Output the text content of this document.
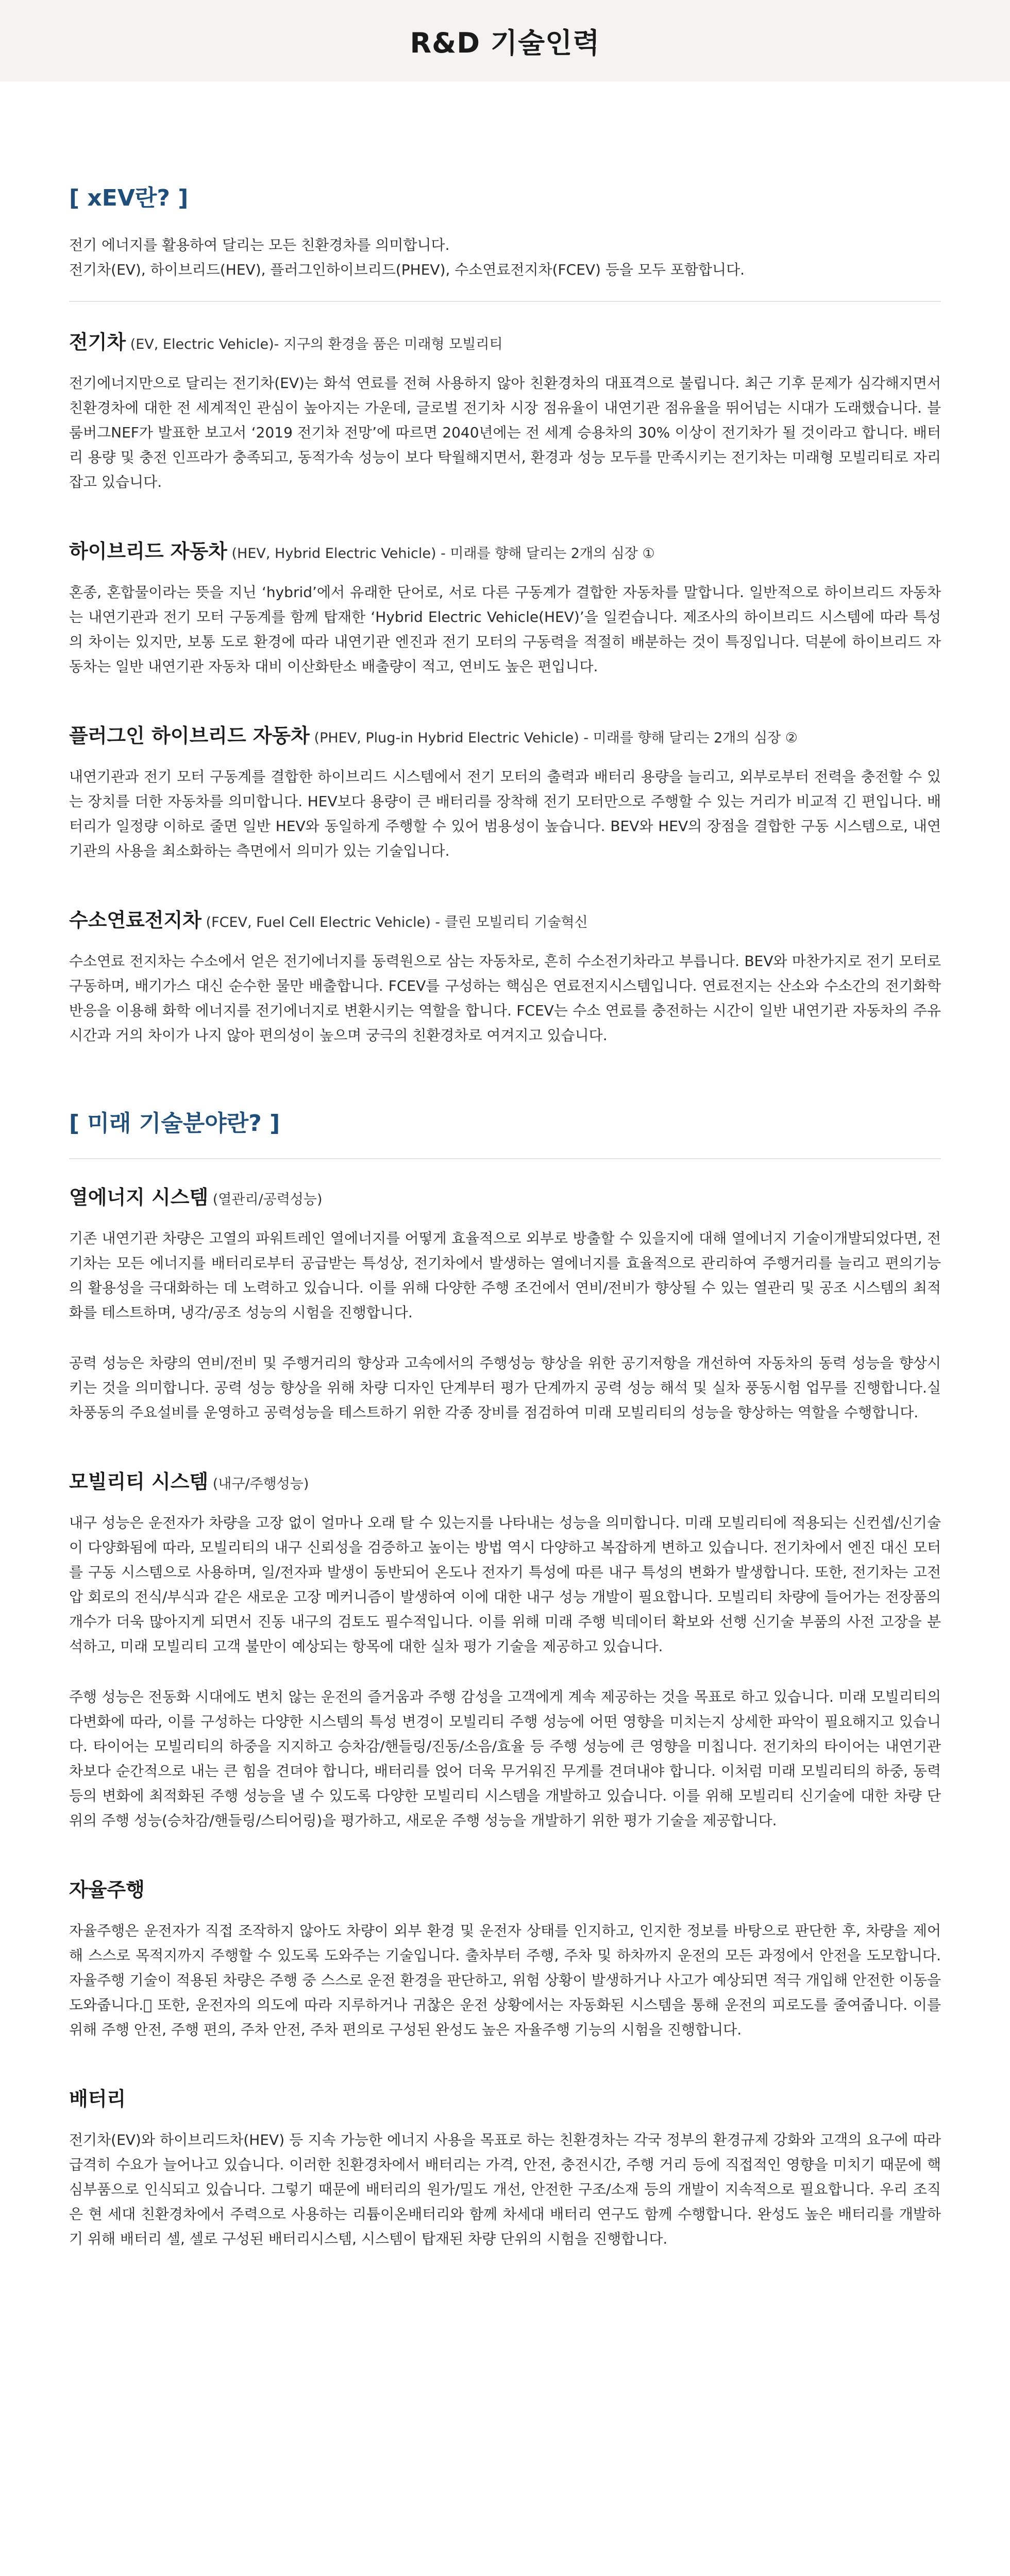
R&D 기술인력
[ xEV란? ]

전기 에너지를 활용하여 달리는 모든 친환경차를 의미합니다.

전기차(EV), 하이브리드(HEV), 플러그인하이브리드(PHEV), 수소연료전지차(FCEV) 등을 모두 포함합니다.

전기차 (EV, Electric Vehicle)- 지구의 환경을 품은 미래형 모빌리티

전기에너지만으로 달리는 전기차(EV)는 화석 연료를 전혀 사용하지 않아 친환경차의 대표격으로 불립니다. 최근 기후 문제가 심각해지면서 친환경차에 대한 전 세계적인 관심이 높아지는 가운데, 글로벌 전기차 시장 점유율이 내연기관 점유율을 뛰어넘는 시대가 도래했습니다. 블룸버그NEF가 발표한 보고서 ‘2019 전기차 전망’에 따르면 2040년에는 전 세계 승용차의 30% 이상이 전기차가 될 것이라고 합니다. 배터리 용량 및 충전 인프라가 충족되고, 동적가속 성능이 보다 탁월해지면서, 환경과 성능 모두를 만족시키는 전기차는 미래형 모빌리티로 자리잡고 있습니다.

하이브리드 자동차 (HEV, Hybrid Electric Vehicle) - 미래를 향해 달리는 2개의 심장 ①

혼종, 혼합물이라는 뜻을 지닌 ‘hybrid’에서 유래한 단어로, 서로 다른 구동계가 결합한 자동차를 말합니다. 일반적으로 하이브리드 자동차는 내연기관과 전기 모터 구동계를 함께 탑재한 ‘Hybrid Electric Vehicle(HEV)’을 일컫습니다. 제조사의 하이브리드 시스템에 따라 특성의 차이는 있지만, 보통 도로 환경에 따라 내연기관 엔진과 전기 모터의 구동력을 적절히 배분하는 것이 특징입니다. 덕분에 하이브리드 자동차는 일반 내연기관 자동차 대비 이산화탄소 배출량이 적고, 연비도 높은 편입니다.

플러그인 하이브리드 자동차 (PHEV, Plug-in Hybrid Electric Vehicle) - 미래를 향해 달리는 2개의 심장 ②

내연기관과 전기 모터 구동계를 결합한 하이브리드 시스템에서 전기 모터의 출력과 배터리 용량을 늘리고, 외부로부터 전력을 충전할 수 있는 장치를 더한 자동차를 의미합니다. HEV보다 용량이 큰 배터리를 장착해 전기 모터만으로 주행할 수 있는 거리가 비교적 긴 편입니다. 배터리가 일정량 이하로 줄면 일반 HEV와 동일하게 주행할 수 있어 범용성이 높습니다. BEV와 HEV의 장점을 결합한 구동 시스템으로, 내연기관의 사용을 최소화하는 측면에서 의미가 있는 기술입니다.

수소연료전지차 (FCEV, Fuel Cell Electric Vehicle) - 클린 모빌리티 기술혁신

수소연료 전지차는 수소에서 얻은 전기에너지를 동력원으로 삼는 자동차로, 흔히 수소전기차라고 부릅니다. BEV와 마찬가지로 전기 모터로 구동하며, 배기가스 대신 순수한 물만 배출합니다. FCEV를 구성하는 핵심은 연료전지시스템입니다. 연료전지는 산소와 수소간의 전기화학 반응을 이용해 화학 에너지를 전기에너지로 변환시키는 역할을 합니다. FCEV는 수소 연료를 충전하는 시간이 일반 내연기관 자동차의 주유 시간과 거의 차이가 나지 않아 편의성이 높으며 궁극의 친환경차로 여겨지고 있습니다.

[ 미래 기술분야란? ]
열에너지 시스템 (열관리/공력성능)

기존 내연기관 차량은 고열의 파워트레인 열에너지를 어떻게 효율적으로 외부로 방출할 수 있을지에 대해 열에너지 기술이개발되었다면, 전기차는 모든 에너지를 배터리로부터 공급받는 특성상, 전기차에서 발생하는 열에너지를 효율적으로 관리하여 주행거리를 늘리고 편의기능의 활용성을 극대화하는 데 노력하고 있습니다. 이를 위해 다양한 주행 조건에서 연비/전비가 향상될 수 있는 열관리 및 공조 시스템의 최적화를 테스트하며, 냉각/공조 성능의 시험을 진행합니다.

공력 성능은 차량의 연비/전비 및 주행거리의 향상과 고속에서의 주행성능 향상을 위한 공기저항을 개선하여 자동차의 동력 성능을 향상시키는 것을 의미합니다. 공력 성능 향상을 위해 차량 디자인 단계부터 평가 단계까지 공력 성능 해석 및 실차 풍동시험 업무를 진행합니다.실차풍동의 주요설비를 운영하고 공력성능을 테스트하기 위한 각종 장비를 점검하여 미래 모빌리티의 성능을 향상하는 역할을 수행합니다.

모빌리티 시스템 (내구/주행성능)

내구 성능은 운전자가 차량을 고장 없이 얼마나 오래 탈 수 있는지를 나타내는 성능을 의미합니다. 미래 모빌리티에 적용되는 신컨셉/신기술이 다양화됨에 따라, 모빌리티의 내구 신뢰성을 검증하고 높이는 방법 역시 다양하고 복잡하게 변하고 있습니다. 전기차에서 엔진 대신 모터를 구동 시스템으로 사용하며, 일/전자파 발생이 동반되어 온도나 전자기 특성에 따른 내구 특성의 변화가 발생합니다. 또한, 전기차는 고전압 회로의 전식/부식과 같은 새로운 고장 메커니즘이 발생하여 이에 대한 내구 성능 개발이 필요합니다. 모빌리티 차량에 들어가는 전장품의 개수가 더욱 많아지게 되면서 진동 내구의 검토도 필수적입니다. 이를 위해 미래 주행 빅데이터 확보와 선행 신기술 부품의 사전 고장을 분석하고, 미래 모빌리티 고객 불만이 예상되는 항목에 대한 실차 평가 기술을 제공하고 있습니다.

주행 성능은 전동화 시대에도 변치 않는 운전의 즐거움과 주행 감성을 고객에게 계속 제공하는 것을 목표로 하고 있습니다. 미래 모빌리티의 다변화에 따라, 이를 구성하는 다양한 시스템의 특성 변경이 모빌리티 주행 성능에 어떤 영향을 미치는지 상세한 파악이 필요해지고 있습니다. 타이어는 모빌리티의 하중을 지지하고 승차감/핸들링/진동/소음/효율 등 주행 성능에 큰 영향을 미칩니다. 전기차의 타이어는 내연기관차보다 순간적으로 내는 큰 힘을 견뎌야 합니다, 배터리를 얹어 더욱 무거워진 무게를 견뎌내야 합니다. 이처럼 미래 모빌리티의 하중, 동력 등의 변화에 최적화된 주행 성능을 낼 수 있도록 다양한 모빌리티 시스템을 개발하고 있습니다. 이를 위해 모빌리티 신기술에 대한 차량 단위의 주행 성능(승차감/핸들링/스티어링)을 평가하고, 새로운 주행 성능을 개발하기 위한 평가 기술을 제공합니다.

자율주행

자율주행은 운전자가 직접 조작하지 않아도 차량이 외부 환경 및 운전자 상태를 인지하고, 인지한 정보를 바탕으로 판단한 후, 차량을 제어해 스스로 목적지까지 주행할 수 있도록 도와주는 기술입니다. 출차부터 주행, 주차 및 하차까지 운전의 모든 과정에서 안전을 도모합니다. 자율주행 기술이 적용된 차량은 주행 중 스스로 운전 환경을 판단하고, 위험 상황이 발생하거나 사고가 예상되면 적극 개입해 안전한 이동을 도와줍니다.  또한, 운전자의 의도에 따라 지루하거나 귀찮은 운전 상황에서는 자동화된 시스템을 통해 운전의 피로도를 줄여줍니다. 이를 위해 주행 안전, 주행 편의, 주차 안전, 주차 편의로 구성된 완성도 높은 자율주행 기능의 시험을 진행합니다.

배터리

전기차(EV)와 하이브리드차(HEV) 등 지속 가능한 에너지 사용을 목표로 하는 친환경차는 각국 정부의 환경규제 강화와 고객의 요구에 따라 급격히 수요가 늘어나고 있습니다. 이러한 친환경차에서 배터리는 가격, 안전, 충전시간, 주행 거리 등에 직접적인 영향을 미치기 때문에 핵심부품으로 인식되고 있습니다. 그렇기 때문에 배터리의 원가/밀도 개선, 안전한 구조/소재 등의 개발이 지속적으로 필요합니다. 우리 조직은 현 세대 친환경차에서 주력으로 사용하는 리튬이온배터리와 함께 차세대 배터리 연구도 함께 수행합니다. 완성도 높은 배터리를 개발하기 위해 배터리 셀, 셀로 구성된 배터리시스템, 시스템이 탑재된 차량 단위의 시험을 진행합니다.
